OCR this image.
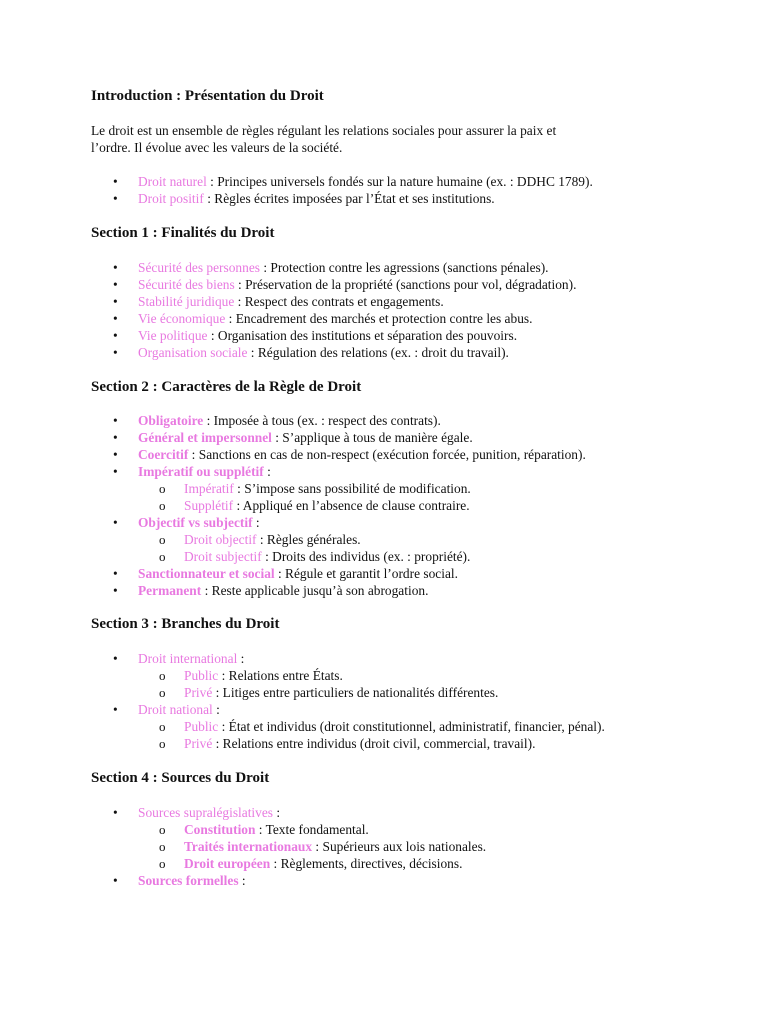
Introduction : Présentation du Droit

Le droit est un ensemble de règles régulant les relations sociales pour assurer la paix et
l’ordre. Il évolue avec les valeurs de la société.

•	Droit naturel : Principes universels fondés sur la nature humaine (ex. : DDHC 1789).
•	Droit positif : Règles écrites imposées par l’État et ses institutions.
Section 1 : Finalités du Droit
•	Sécurité des personnes : Protection contre les agressions (sanctions pénales).
•	Sécurité des biens : Préservation de la propriété (sanctions pour vol, dégradation).
•	Stabilité juridique : Respect des contrats et engagements.
•	Vie économique : Encadrement des marchés et protection contre les abus.
•	Vie politique : Organisation des institutions et séparation des pouvoirs.
•	Organisation sociale : Régulation des relations (ex. : droit du travail).
Section 2 : Caractères de la Règle de Droit
•	Obligatoire : Imposée à tous (ex. : respect des contrats).
•	Général et impersonnel : S’applique à tous de manière égale.
•	Coercitif : Sanctions en cas de non-respect (exécution forcée, punition, réparation).
•	Impératif ou supplétif :
o Impératif : S’impose sans possibilité de modification.
o Supplétif : Appliqué en l’absence de clause contraire.
•	Objectif vs subjectif :
o Droit objectif : Règles générales.
o Droit subjectif : Droits des individus (ex. : propriété).
•	Sanctionnateur et social : Régule et garantit l’ordre social.
•	Permanent : Reste applicable jusqu’à son abrogation.
Section 3 : Branches du Droit
•	Droit international :
o Public : Relations entre États.
o Privé : Litiges entre particuliers de nationalités différentes.
•	Droit national :
o Public : État et individus (droit constitutionnel, administratif, financier, pénal).
o Privé : Relations entre individus (droit civil, commercial, travail).
Section 4 : Sources du Droit
•	Sources supralégislatives :
o Constitution : Texte fondamental.
o Traités internationaux : Supérieurs aux lois nationales.
o Droit européen : Règlements, directives, décisions.
•	Sources formelles :
